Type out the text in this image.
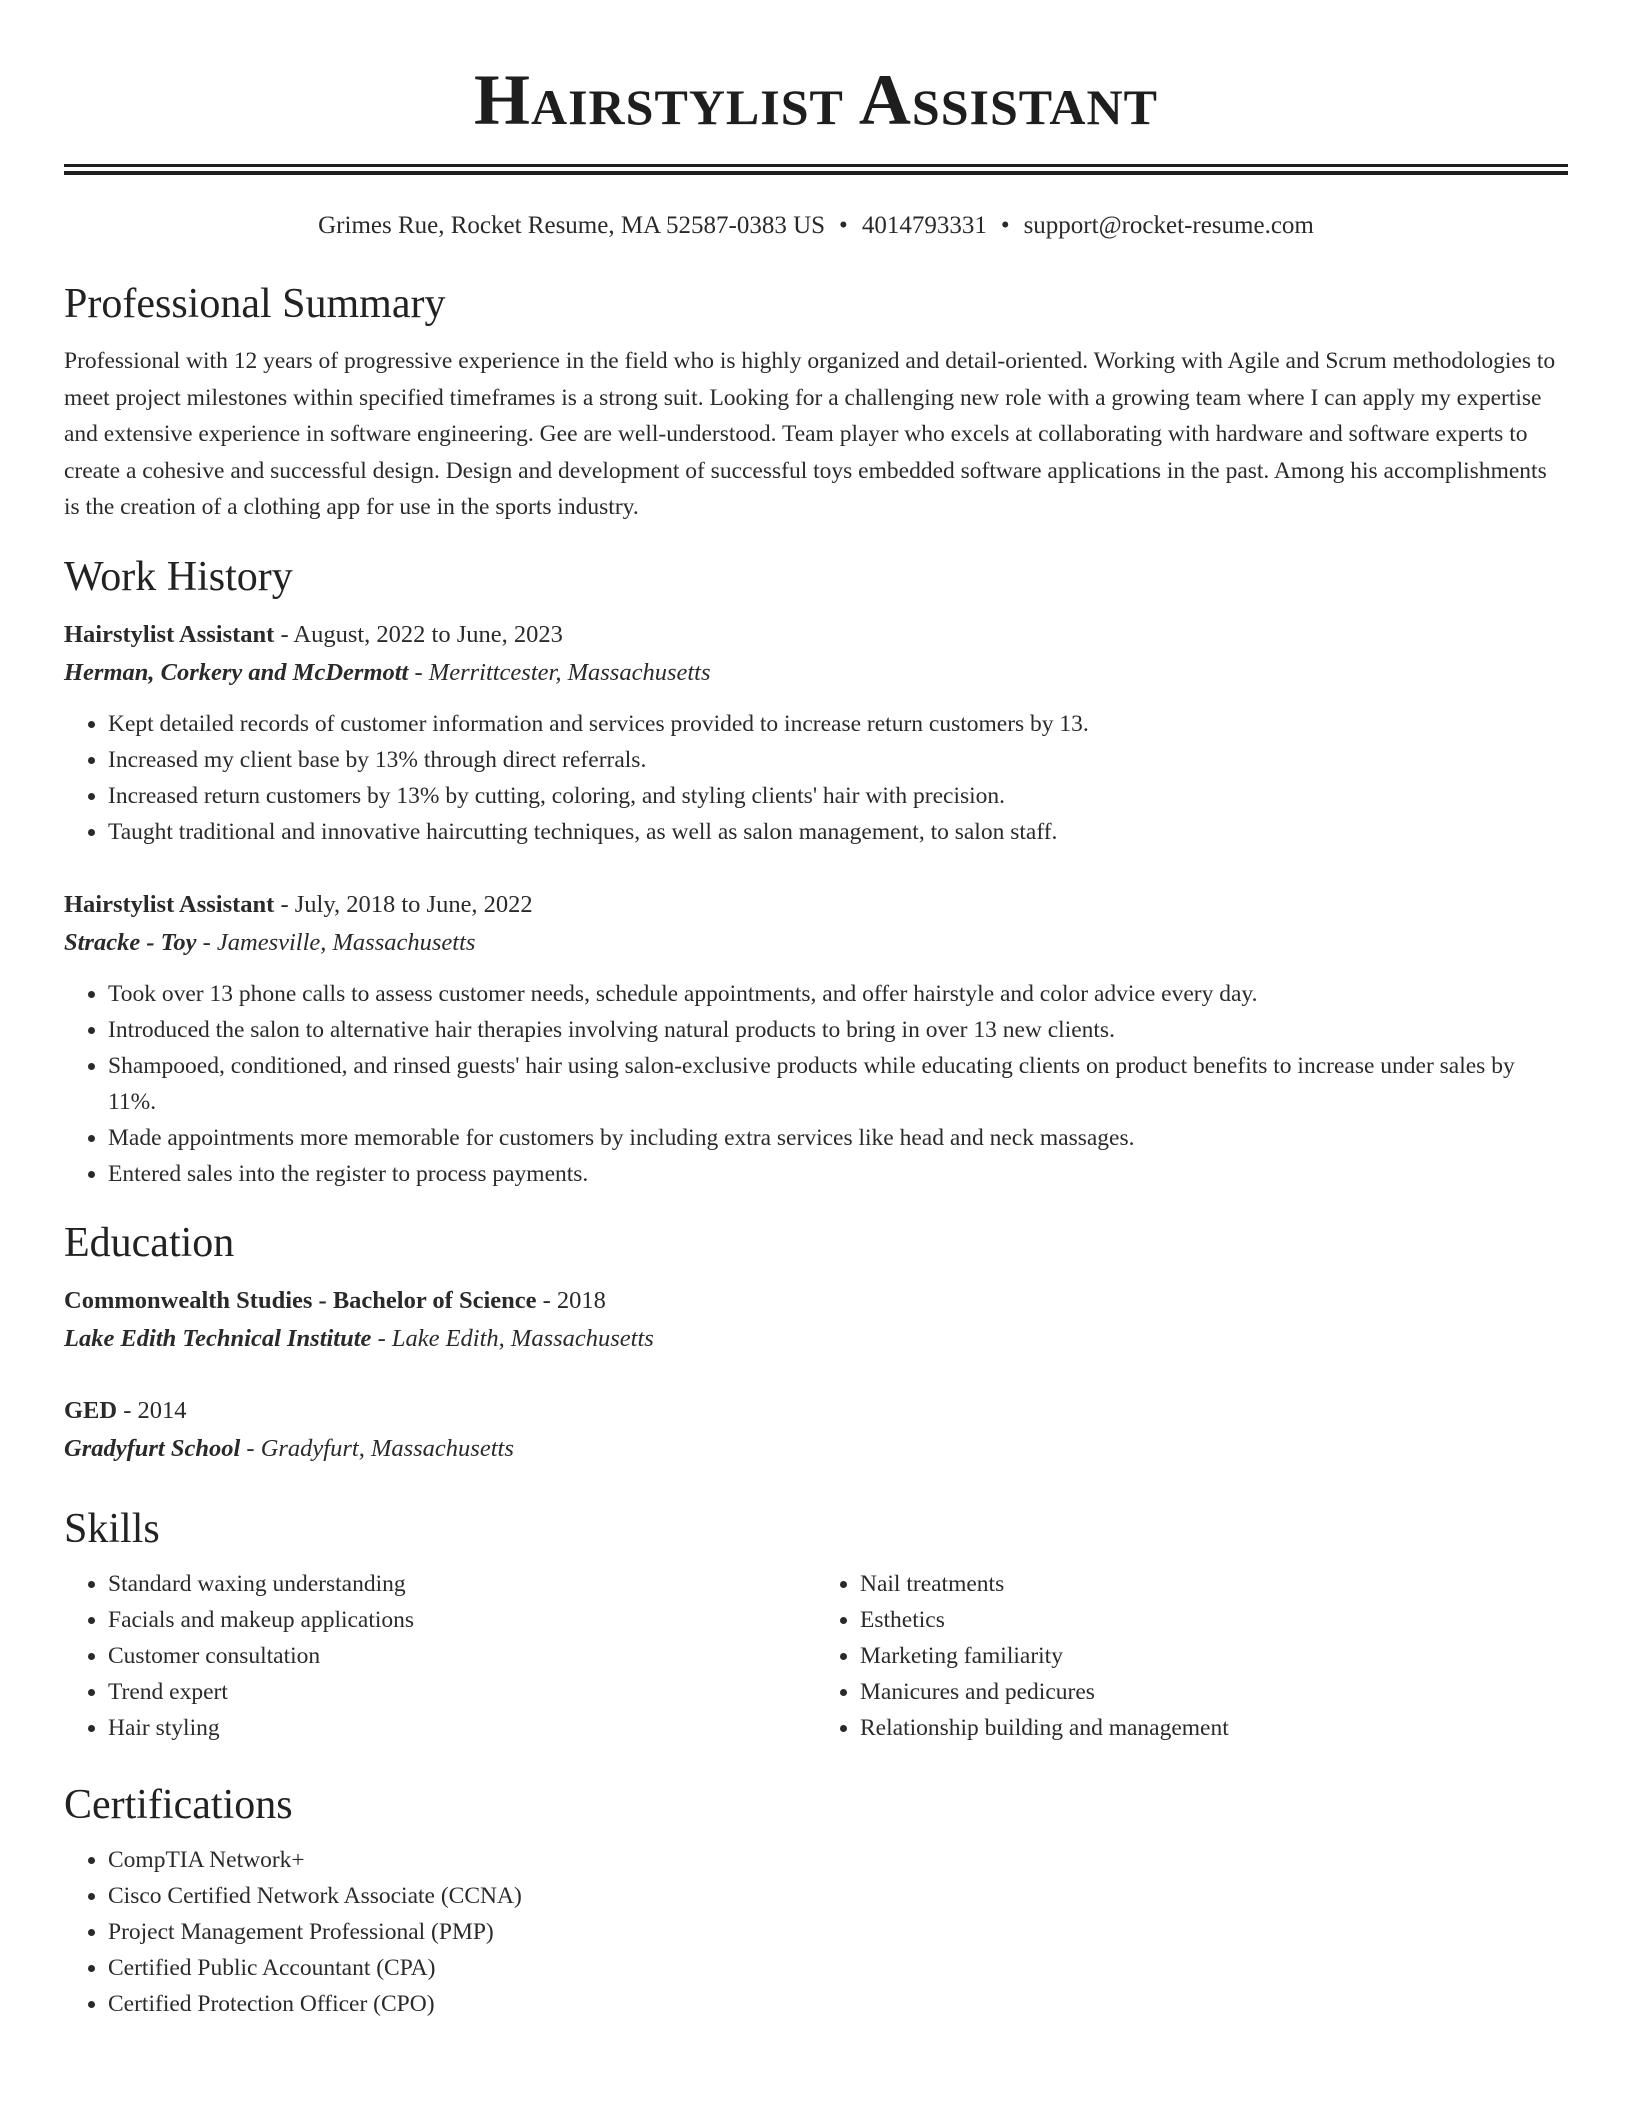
Hairstylist Assistant
Grimes Rue, Rocket Resume, MA 52587-0383 US • 4014793331 • support@rocket-resume.com
Professional Summary

Professional with 12 years of progressive experience in the field who is highly organized and detail-oriented. Working with Agile and Scrum methodologies to meet project milestones within specified timeframes is a strong suit. Looking for a challenging new role with a growing team where I can apply my expertise and extensive experience in software engineering. Gee are well-understood. Team player who excels at collaborating with hardware and software experts to create a cohesive and successful design. Design and development of successful toys embedded software applications in the past. Among his accomplishments is the creation of a clothing app for use in the sports industry.

Work History
Hairstylist Assistant - August, 2022 to June, 2023
Herman, Corkery and McDermott - Merrittcester, Massachusetts
• Kept detailed records of customer information and services provided to increase return customers by 13.
• Increased my client base by 13% through direct referrals.
• Increased return customers by 13% by cutting, coloring, and styling clients' hair with precision.
• Taught traditional and innovative haircutting techniques, as well as salon management, to salon staff.
Hairstylist Assistant - July, 2018 to June, 2022
Stracke - Toy - Jamesville, Massachusetts
• Took over 13 phone calls to assess customer needs, schedule appointments, and offer hairstyle and color advice every day.
• Introduced the salon to alternative hair therapies involving natural products to bring in over 13 new clients.
• Shampooed, conditioned, and rinsed guests' hair using salon-exclusive products while educating clients on product benefits to increase under sales by 11%.
• Made appointments more memorable for customers by including extra services like head and neck massages.
• Entered sales into the register to process payments.
Education
Commonwealth Studies - Bachelor of Science - 2018
Lake Edith Technical Institute - Lake Edith, Massachusetts
GED - 2014
Gradyfurt School - Gradyfurt, Massachusetts
Skills
• Standard waxing understanding
• Facials and makeup applications
• Customer consultation
• Trend expert
• Hair styling
• Nail treatments
• Esthetics
• Marketing familiarity
• Manicures and pedicures
• Relationship building and management
Certifications
• CompTIA Network+
• Cisco Certified Network Associate (CCNA)
• Project Management Professional (PMP)
• Certified Public Accountant (CPA)
• Certified Protection Officer (CPO)
